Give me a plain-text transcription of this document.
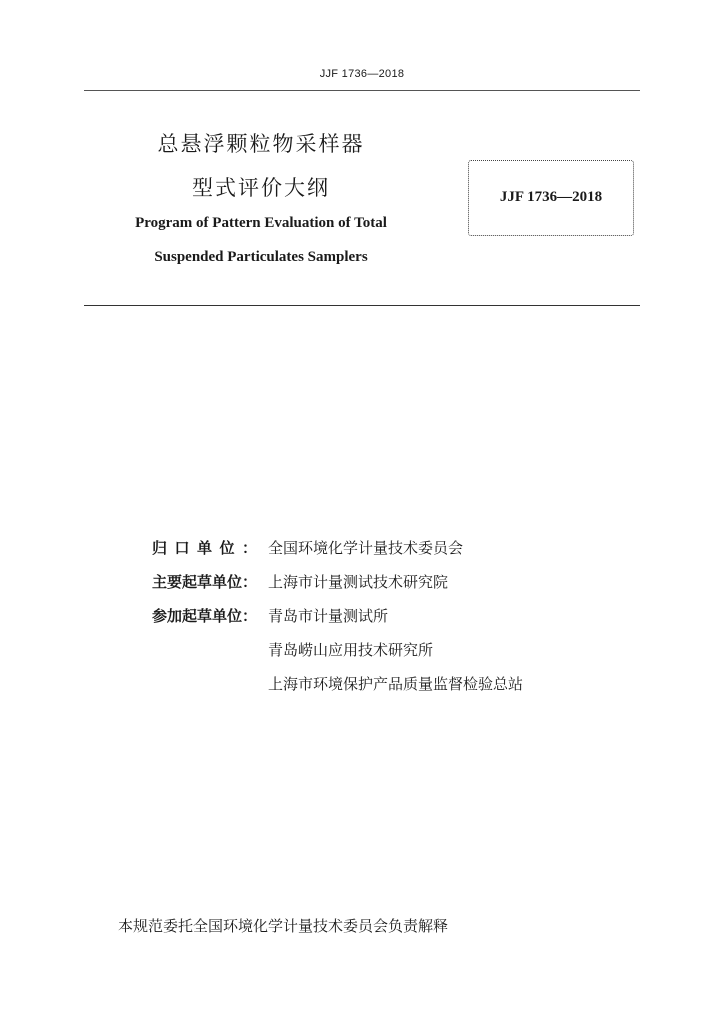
JJF 1736—2018
总悬浮颗粒物采样器
型式评价大纲
Program of Pattern Evaluation of Total
Suspended Particulates Samplers
JJF 1736—2018
归口单位： 全国环境化学计量技术委员会
主要起草单位： 上海市计量测试技术研究院
参加起草单位： 青岛市计量测试所
青岛崂山应用技术研究所
上海市环境保护产品质量监督检验总站
本规范委托全国环境化学计量技术委员会负责解释
